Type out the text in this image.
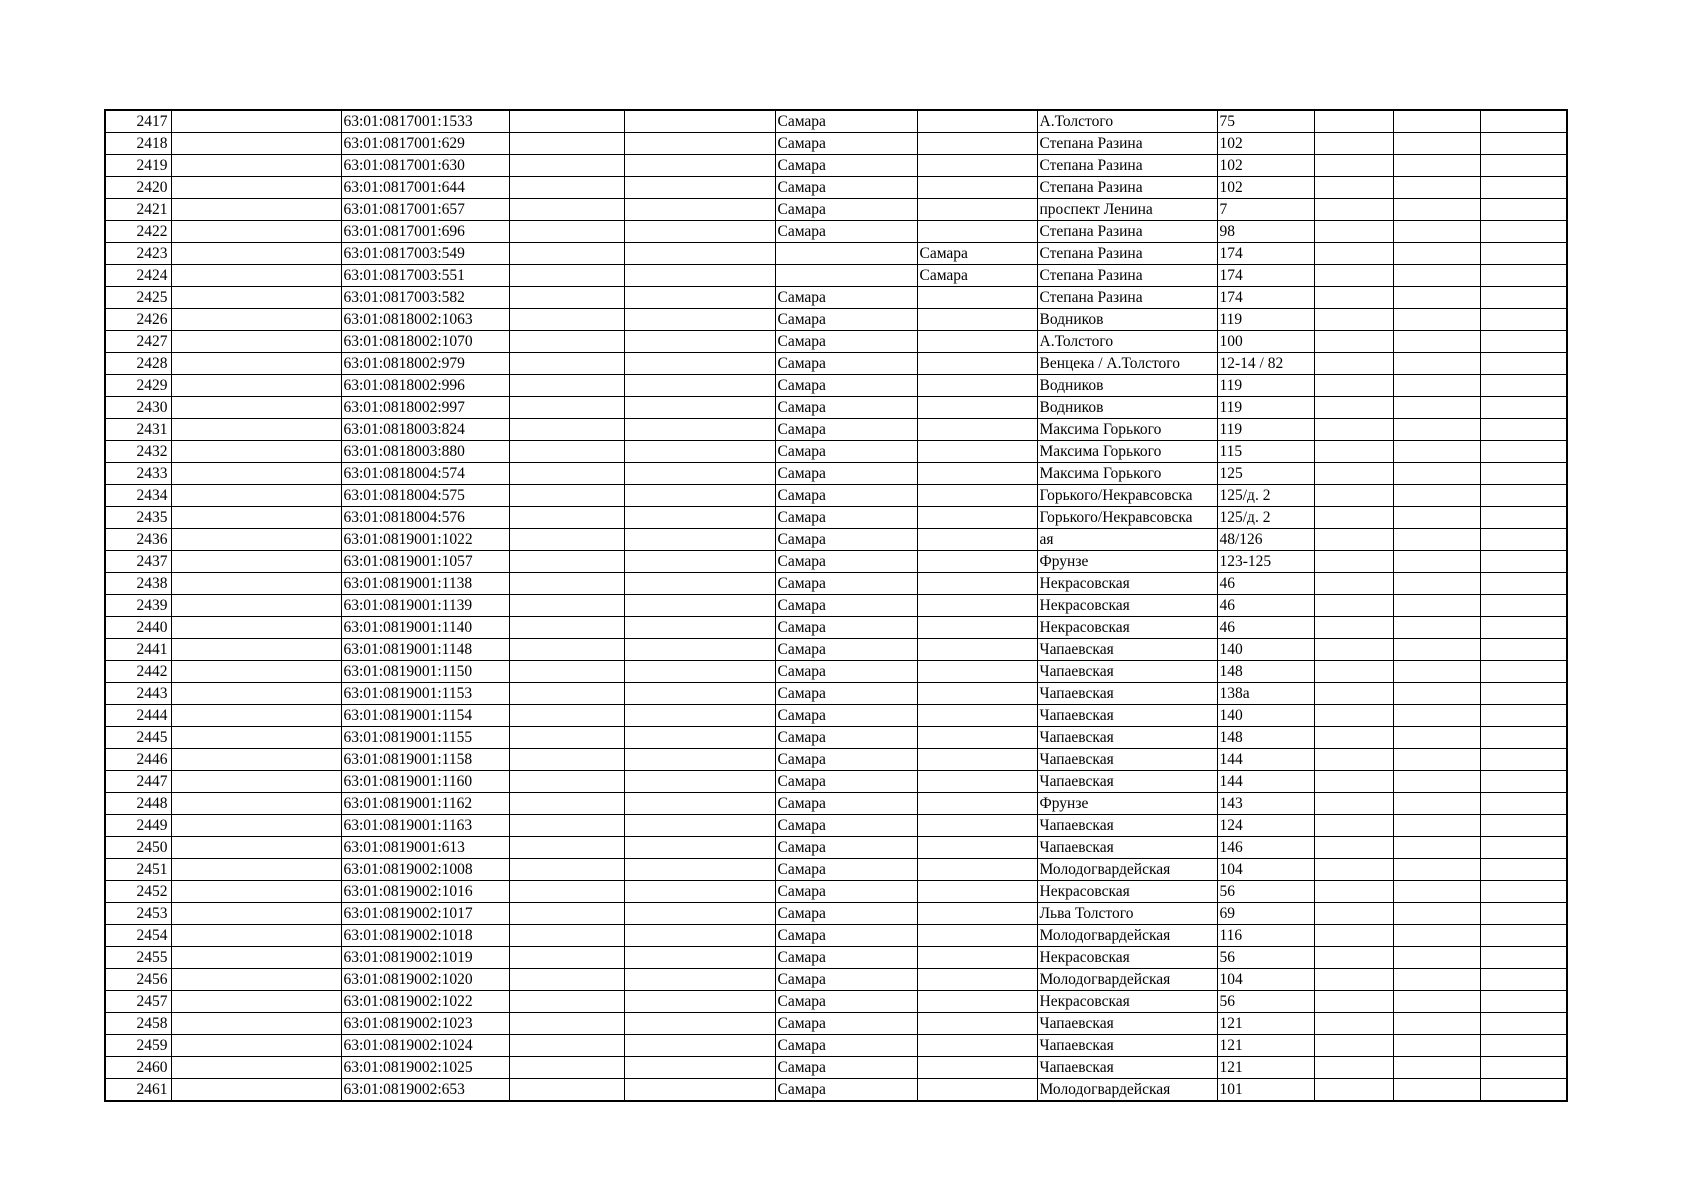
2417		63:01:0817001:1533			Самара		А.Толстого	75			
2418		63:01:0817001:629			Самара		Степана Разина	102			
2419		63:01:0817001:630			Самара		Степана Разина	102			
2420		63:01:0817001:644			Самара		Степана Разина	102			
2421		63:01:0817001:657			Самара		проспект Ленина	7			
2422		63:01:0817001:696			Самара		Степана Разина	98			
2423		63:01:0817003:549				Самара	Степана Разина	174			
2424		63:01:0817003:551				Самара	Степана Разина	174			
2425		63:01:0817003:582			Самара		Степана Разина	174			
2426		63:01:0818002:1063			Самара		Водников	119			
2427		63:01:0818002:1070			Самара		А.Толстого	100			
2428		63:01:0818002:979			Самара		Венцека / А.Толстого	12-14 / 82			
2429		63:01:0818002:996			Самара		Водников	119			
2430		63:01:0818002:997			Самара		Водников	119			
2431		63:01:0818003:824			Самара		Максима Горького	119			
2432		63:01:0818003:880			Самара		Максима Горького	115			
2433		63:01:0818004:574			Самара		Максима Горького	125			
2434		63:01:0818004:575			Самара		Горького/Некравсовска	125/д. 2			
2435		63:01:0818004:576			Самара		Горького/Некравсовска	125/д. 2			
2436		63:01:0819001:1022			Самара		ая	48/126			
2437		63:01:0819001:1057			Самара		Фрунзе	123-125			
2438		63:01:0819001:1138			Самара		Некрасовская	46			
2439		63:01:0819001:1139			Самара		Некрасовская	46			
2440		63:01:0819001:1140			Самара		Некрасовская	46			
2441		63:01:0819001:1148			Самара		Чапаевская	140			
2442		63:01:0819001:1150			Самара		Чапаевская	148			
2443		63:01:0819001:1153			Самара		Чапаевская	138а			
2444		63:01:0819001:1154			Самара		Чапаевская	140			
2445		63:01:0819001:1155			Самара		Чапаевская	148			
2446		63:01:0819001:1158			Самара		Чапаевская	144			
2447		63:01:0819001:1160			Самара		Чапаевская	144			
2448		63:01:0819001:1162			Самара		Фрунзе	143			
2449		63:01:0819001:1163			Самара		Чапаевская	124			
2450		63:01:0819001:613			Самара		Чапаевская	146			
2451		63:01:0819002:1008			Самара		Молодогвардейская	104			
2452		63:01:0819002:1016			Самара		Некрасовская	56			
2453		63:01:0819002:1017			Самара		Льва Толстого	69			
2454		63:01:0819002:1018			Самара		Молодогвардейская	116			
2455		63:01:0819002:1019			Самара		Некрасовская	56			
2456		63:01:0819002:1020			Самара		Молодогвардейская	104			
2457		63:01:0819002:1022			Самара		Некрасовская	56			
2458		63:01:0819002:1023			Самара		Чапаевская	121			
2459		63:01:0819002:1024			Самара		Чапаевская	121			
2460		63:01:0819002:1025			Самара		Чапаевская	121			
2461		63:01:0819002:653			Самара		Молодогвардейская	101			
